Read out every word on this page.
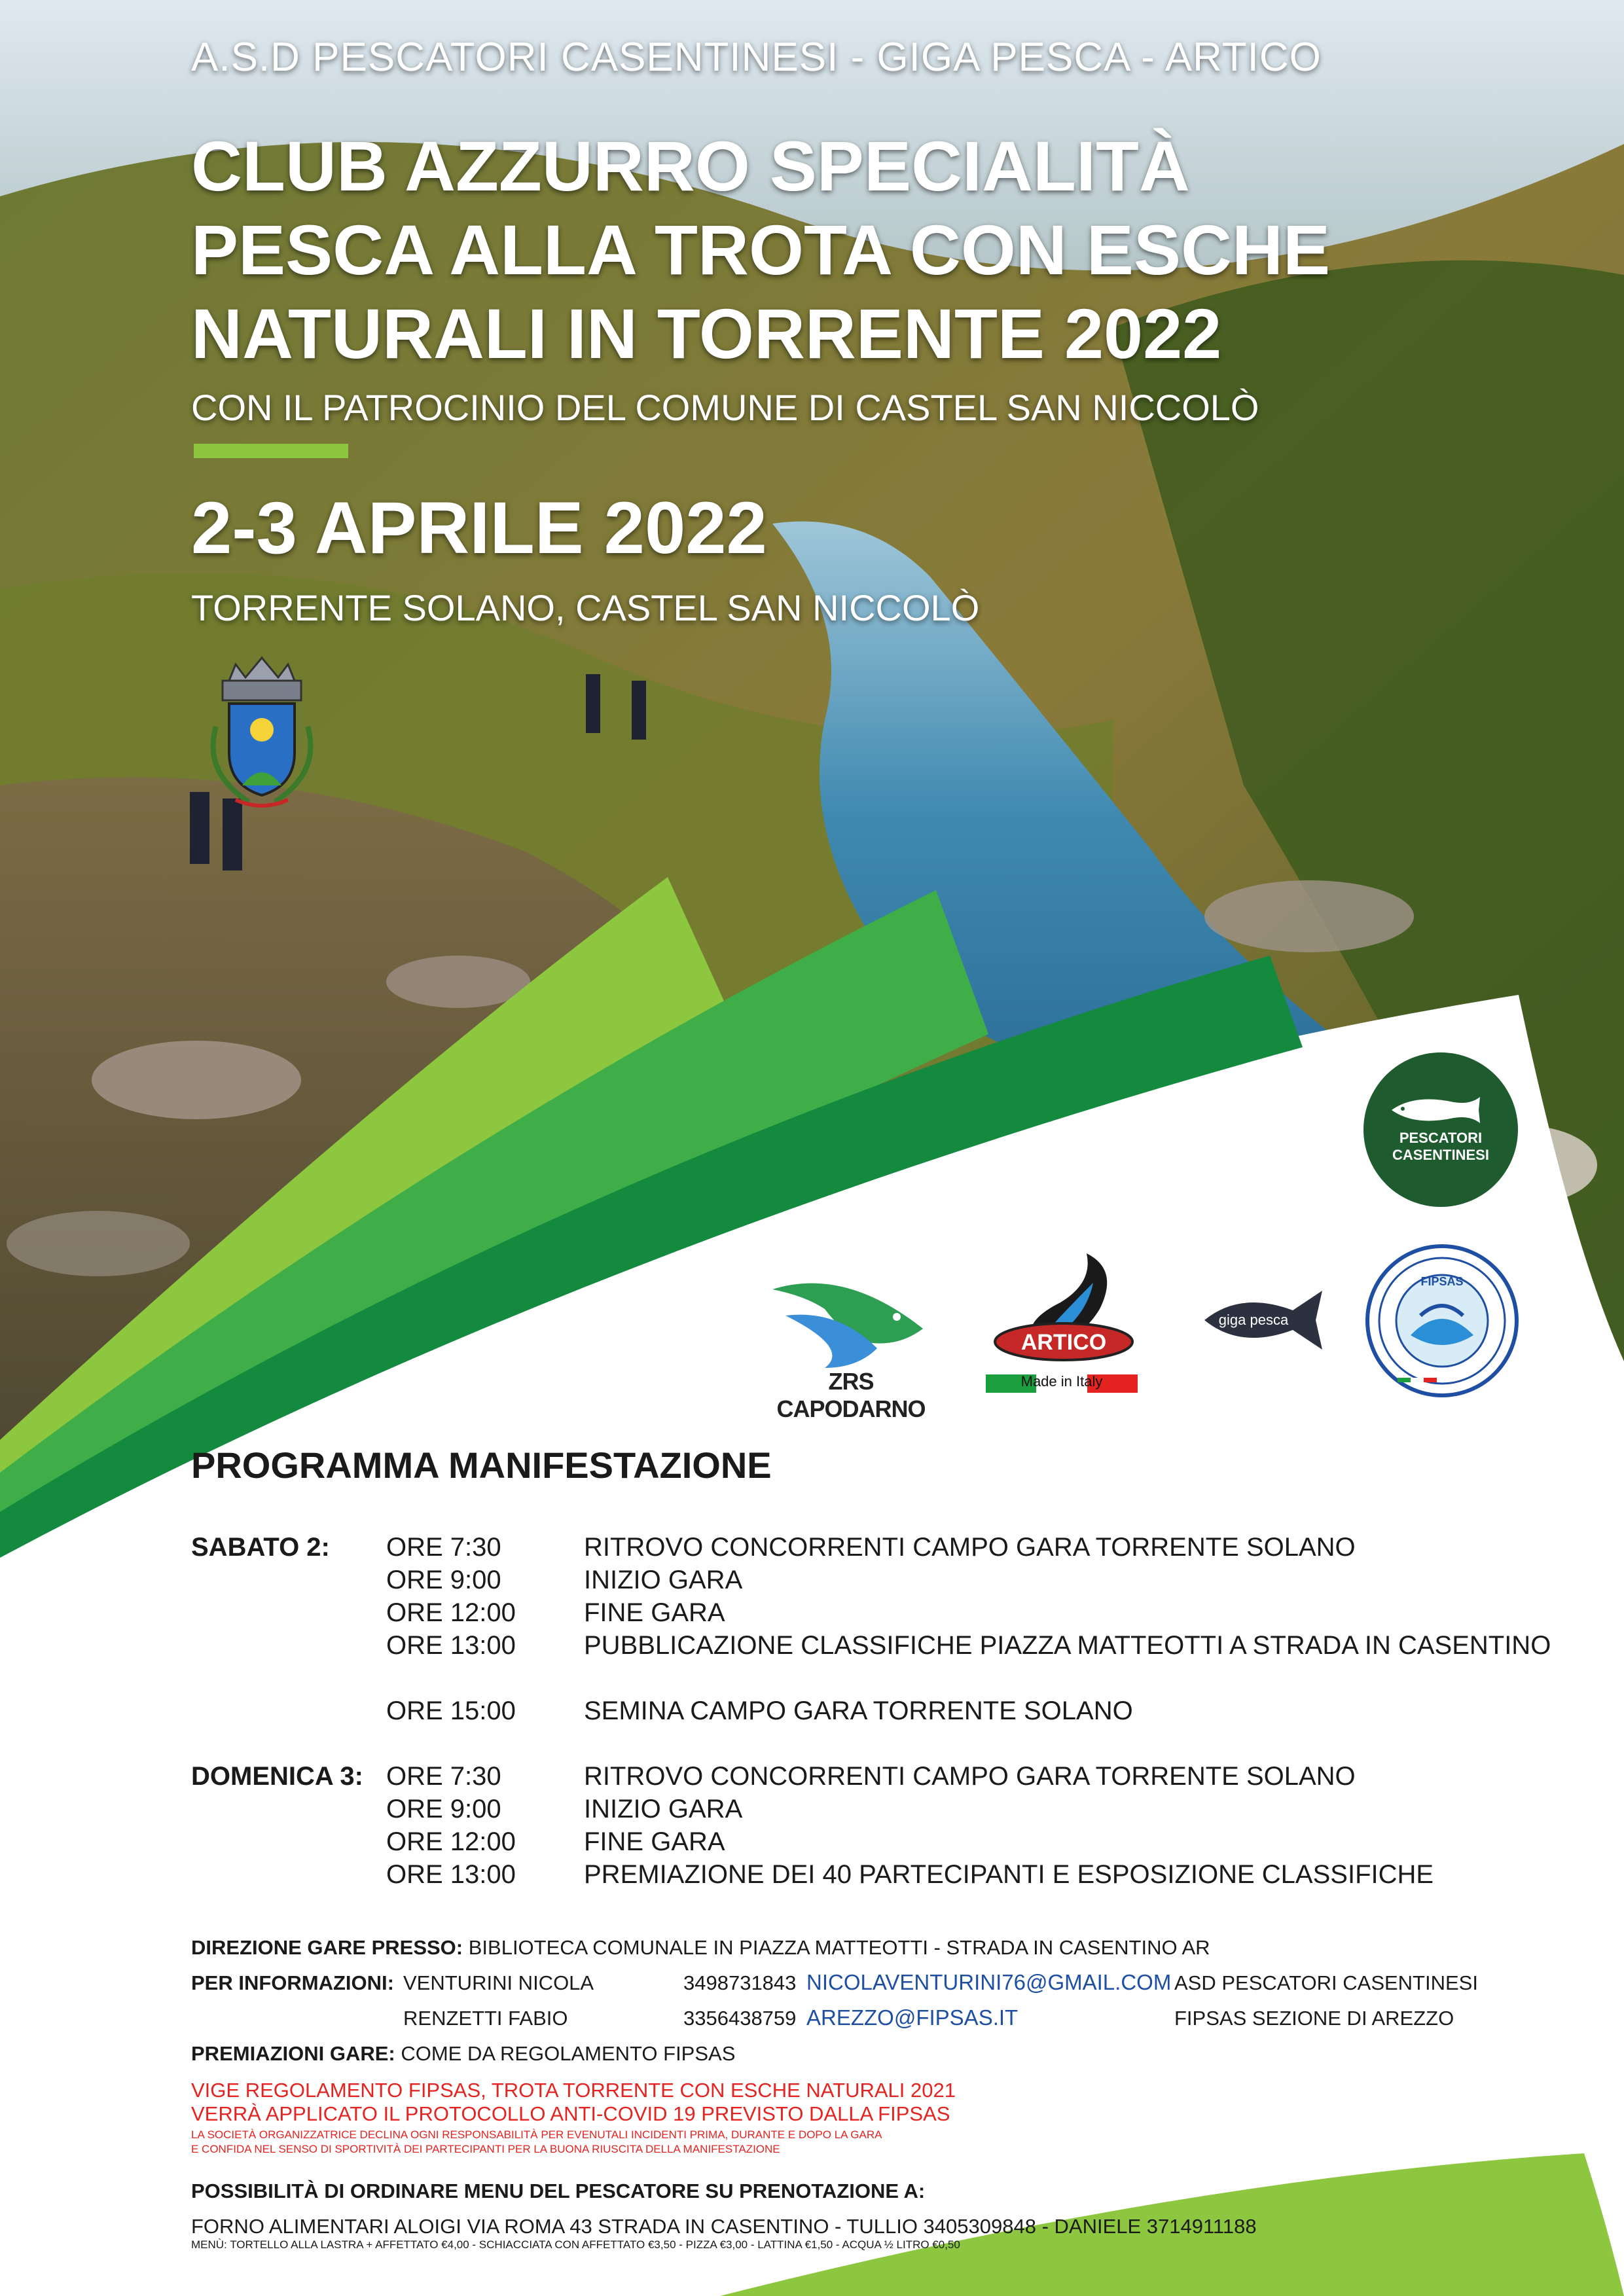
A.S.D PESCATORI CASENTINESI - GIGA PESCA - ARTICO
CLUB AZZURRO SPECIALITÀ
PESCA ALLA TROTA CON ESCHE
NATURALI IN TORRENTE 2022
CON IL PATROCINIO DEL COMUNE DI CASTEL SAN NICCOLÒ
2-3 APRILE 2022
TORRENTE SOLANO, CASTEL SAN NICCOLÒ
PESCATORI CASENTINESI
ZRS CAPODARNO
ARTICO
Made in Italy
giga pesca
FIPSAS
PROGRAMMA MANIFESTAZIONE
SABATO 2: ORE 7:30	RITROVO CONCORRENTI CAMPO GARA TORRENTE SOLANO
ORE 9:00	INIZIO GARA
ORE 12:00	FINE GARA
ORE 13:00	PUBBLICAZIONE CLASSIFICHE PIAZZA MATTEOTTI A STRADA IN CASENTINO
ORE 15:00	SEMINA CAMPO GARA TORRENTE SOLANO
DOMENICA 3: ORE 7:30	RITROVO CONCORRENTI CAMPO GARA TORRENTE SOLANO
ORE 9:00	INIZIO GARA
ORE 12:00	FINE GARA
ORE 13:00	PREMIAZIONE DEI 40 PARTECIPANTI E ESPOSIZIONE CLASSIFICHE
DIREZIONE GARE PRESSO: BIBLIOTECA COMUNALE IN PIAZZA MATTEOTTI - STRADA IN CASENTINO AR
PER INFORMAZIONI: VENTURINI NICOLA	3498731843 NICOLAVENTURINI76@GMAIL.COM ASD PESCATORI CASENTINESI
RENZETTI FABIO	3356438759 AREZZO@FIPSAS.IT	FIPSAS SEZIONE DI AREZZO
PREMIAZIONI GARE: COME DA REGOLAMENTO FIPSAS
VIGE REGOLAMENTO FIPSAS, TROTA TORRENTE CON ESCHE NATURALI 2021
VERRÀ APPLICATO IL PROTOCOLLO ANTI-COVID 19 PREVISTO DALLA FIPSAS
LA SOCIETÀ ORGANIZZATRICE DECLINA OGNI RESPONSABILITÀ PER EVENUTALI INCIDENTI PRIMA, DURANTE E DOPO LA GARA
E CONFIDA NEL SENSO DI SPORTIVITÀ DEI PARTECIPANTI PER LA BUONA RIUSCITA DELLA MANIFESTAZIONE
POSSIBILITÀ DI ORDINARE MENU DEL PESCATORE SU PRENOTAZIONE A:
FORNO ALIMENTARI ALOIGI VIA ROMA 43 STRADA IN CASENTINO - TULLIO 3405309848 - DANIELE 3714911188
MENÙ: TORTELLO ALLA LASTRA + AFFETTATO €4,00 - SCHIACCIATA CON AFFETTATO €3,50 - PIZZA €3,00 - LATTINA €1,50 - ACQUA ½ LITRO €0,50
